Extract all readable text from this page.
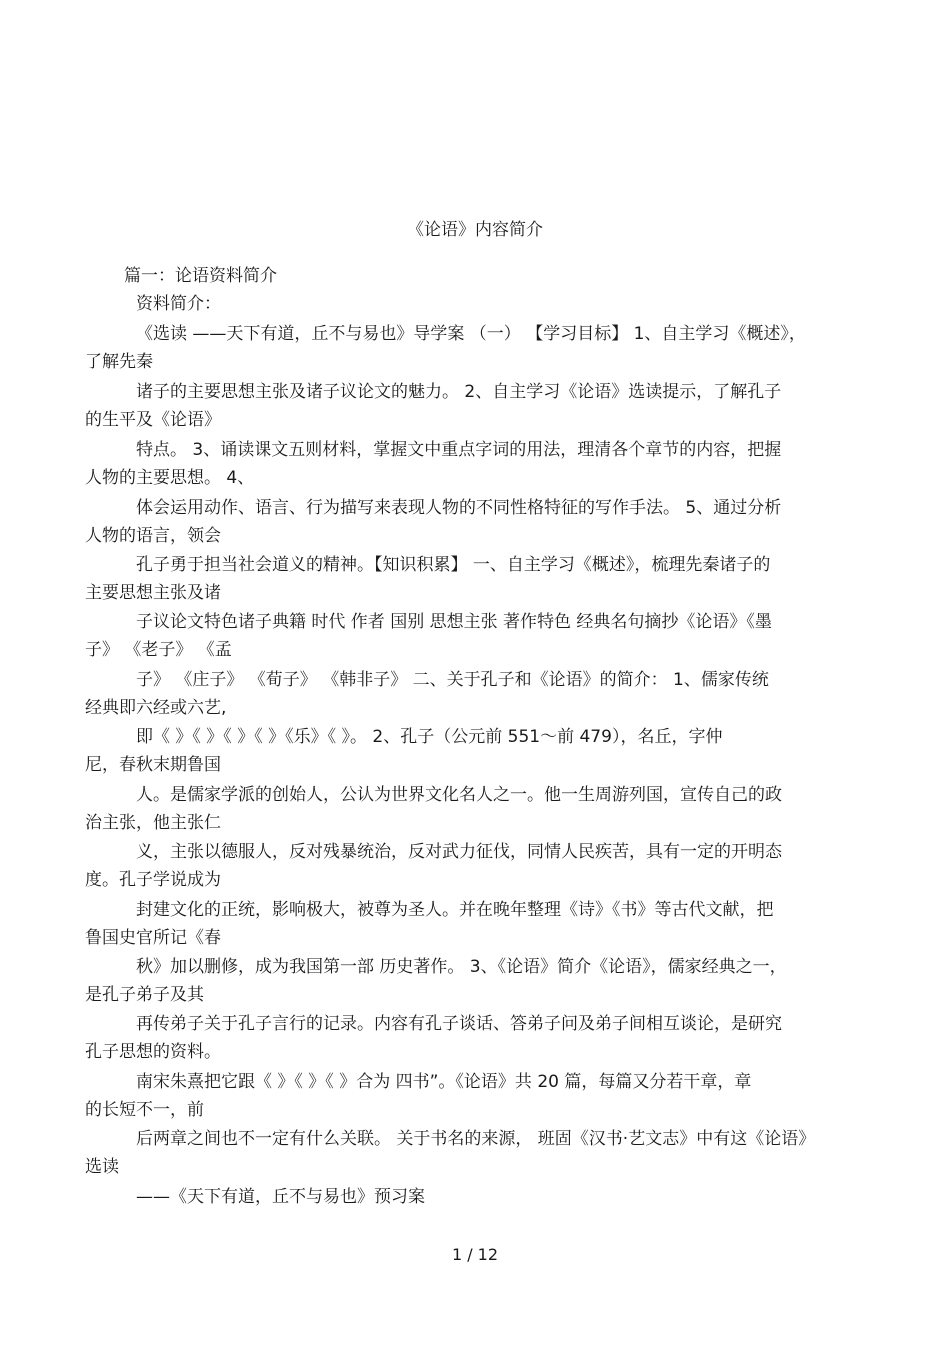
《论语》内容简介
篇一：论语资料简介
资料简介：
《选读 ——天下有道，丘不与易也》导学案 （一） 【学习目标】 1、自主学习《概述》，
了解先秦
诸子的主要思想主张及诸子议论文的魅力。 2、自主学习《论语》选读提示，了解孔子
的生平及《论语》
特点。 3、诵读课文五则材料，掌握文中重点字词的用法，理清各个章节的内容，把握
人物的主要思想。 4、
体会运用动作、语言、行为描写来表现人物的不同性格特征的写作手法。 5、通过分析
人物的语言，领会
孔子勇于担当社会道义的精神。【知识积累】 一、自主学习《概述》，梳理先秦诸子的
主要思想主张及诸
子议论文特色诸子典籍 时代 作者 国别 思想主张 著作特色 经典名句摘抄《论语》《墨
子》 《老子》 《孟
子》 《庄子》 《荀子》 《韩非子》 二、关于孔子和《论语》的简介： 1、儒家传统
经典即六经或六艺,
即《 》《 》《 》《 》《乐》《 》。 2、孔子（公元前 551～前 479），名丘，字仲
尼，春秋末期鲁国
人。是儒家学派的创始人，公认为世界文化名人之一。他一生周游列国，宣传自己的政
治主张，他主张仁
义，主张以德服人，反对残暴统治，反对武力征伐，同情人民疾苦，具有一定的开明态
度。孔子学说成为
封建文化的正统，影响极大，被尊为圣人。并在晚年整理《诗》《书》等古代文献，把
鲁国史官所记《春
秋》加以删修，成为我国第一部 历史著作。 3、《论语》简介《论语》，儒家经典之一，
是孔子弟子及其
再传弟子关于孔子言行的记录。内容有孔子谈话、答弟子问及弟子间相互谈论，是研究
孔子思想的资料。
南宋朱熹把它跟《 》《 》《 》合为 四书”。《论语》共 20 篇，每篇又分若干章，章
的长短不一，前
后两章之间也不一定有什么关联。 关于书名的来源， 班固《汉书·艺文志》中有这《论语》
选读
——《天下有道，丘不与易也》预习案
1 / 12
